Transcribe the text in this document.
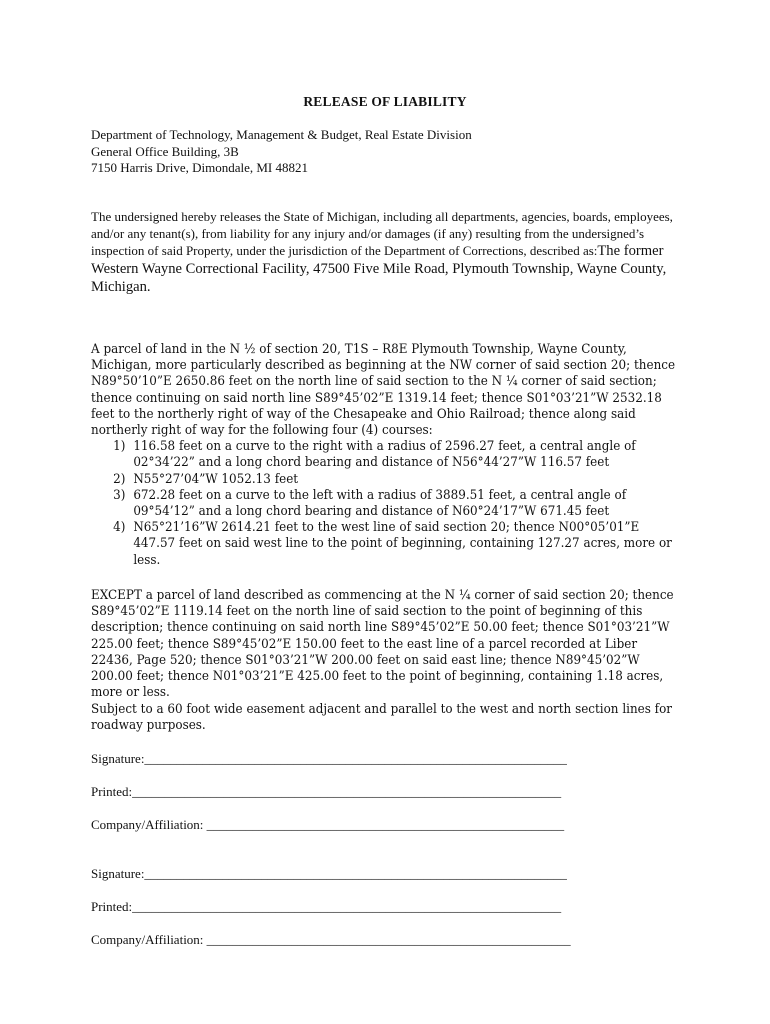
RELEASE OF LIABILITY
Department of Technology, Management & Budget, Real Estate Division
General Office Building, 3B
7150 Harris Drive, Dimondale, MI 48821

The undersigned hereby releases the State of Michigan, including all departments, agencies, boards, employees, and/or any tenant(s), from liability for any injury and/or damages (if any) resulting from the undersigned’s inspection of said Property, under the jurisdiction of the Department of Corrections, described as:The former Western Wayne Correctional Facility, 47500 Five Mile Road, Plymouth Township, Wayne County, Michigan.

A parcel of land in the N ½ of section 20, T1S – R8E Plymouth Township, Wayne County, Michigan, more particularly described as beginning at the NW corner of said section 20; thence N89°50’10”E 2650.86 feet on the north line of said section to the N ¼ corner of said section; thence continuing on said north line S89°45’02”E 1319.14 feet; thence S01°03’21”W 2532.18 feet to the northerly right of way of the Chesapeake and Ohio Railroad; thence along said northerly right of way for the following four (4) courses:
1) 116.58 feet on a curve to the right with a radius of 2596.27 feet, a central angle of 02°34’22” and a long chord bearing and distance of N56°44’27”W 116.57 feet
2) N55°27’04”W 1052.13 feet
3) 672.28 feet on a curve to the left with a radius of 3889.51 feet, a central angle of 09°54’12” and a long chord bearing and distance of N60°24’17”W 671.45 feet
4) N65°21’16”W 2614.21 feet to the west line of said section 20; thence N00°05’01”E 447.57 feet on said west line to the point of beginning, containing 127.27 acres, more or less.

EXCEPT a parcel of land described as commencing at the N ¼ corner of said section 20; thence S89°45’02”E 1119.14 feet on the north line of said section to the point of beginning of this description; thence continuing on said north line S89°45’02”E 50.00 feet; thence S01°03’21”W 225.00 feet; thence S89°45’02”E 150.00 feet to the east line of a parcel recorded at Liber 22436, Page 520; thence S01°03’21”W 200.00 feet on said east line; thence N89°45’02”W 200.00 feet; thence N01°03’21”E 425.00 feet to the point of beginning, containing 1.18 acres, more or less.

Subject to a 60 foot wide easement adjacent and parallel to the west and north section lines for roadway purposes.

Signature:_________________________________________________________________
Printed:__________________________________________________________________
Company/Affiliation: _______________________________________________________
Signature:_________________________________________________________________
Printed:__________________________________________________________________
Company/Affiliation: ________________________________________________________
